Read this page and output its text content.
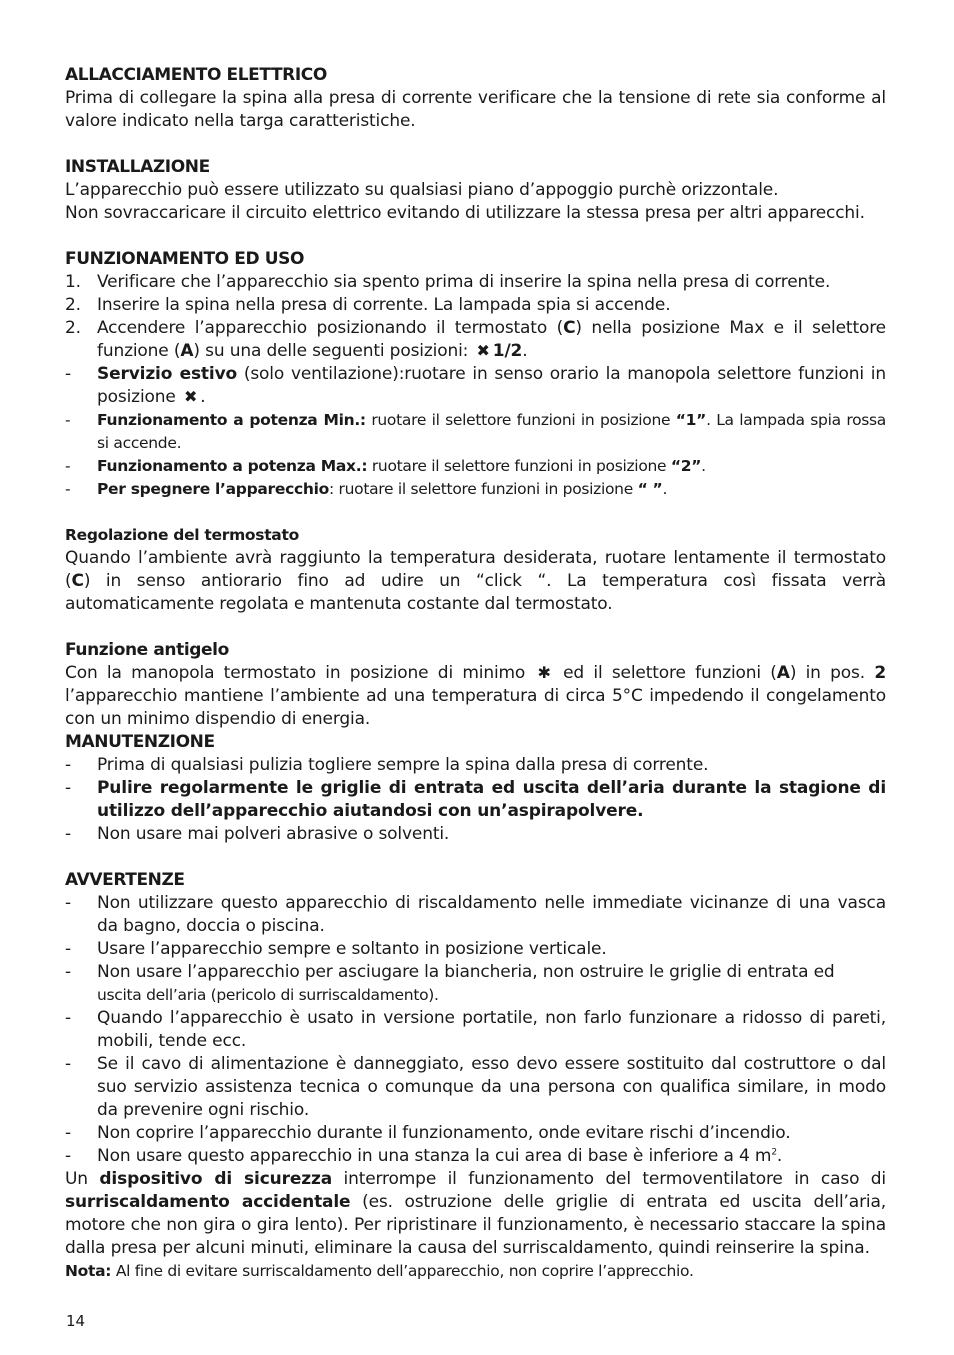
ALLACCIAMENTO ELETTRICO
Prima di collegare la spina alla presa di corrente verificare che la tensione di rete sia conforme al valore indicato nella targa caratteristiche.
INSTALLAZIONE
L’apparecchio può essere utilizzato su qualsiasi piano d’appoggio purchè orizzontale.
Non sovraccaricare il circuito elettrico evitando di utilizzare la stessa presa per altri apparecchi.
FUNZIONAMENTO ED USO
1. Verificare che l’apparecchio sia spento prima di inserire la spina nella presa di corrente.
2. Inserire la spina nella presa di corrente. La lampada spia si accende.
2. Accendere l’apparecchio posizionando il termostato (C) nella posizione Max e il selettore funzione (A) su una delle seguenti posizioni: ✖ 1/2.
-	Servizio estivo (solo ventilazione):ruotare in senso orario la manopola selettore funzioni in posizione ✖ .
-	Funzionamento a potenza Min.: ruotare il selettore funzioni in posizione “1”. La lampada spia rossa si accende.
-	Funzionamento a potenza Max.: ruotare il selettore funzioni in posizione “2”.
-	Per spegnere l’apparecchio: ruotare il selettore funzioni in posizione “ ”.
Regolazione del termostato
Quando l’ambiente avrà raggiunto la temperatura desiderata, ruotare lentamente il termostato (C) in senso antiorario fino ad udire un “click “. La temperatura così fissata verrà automaticamente regolata e mantenuta costante dal termostato.
Funzione antigelo
Con la manopola termostato in posizione di minimo ✱ ed il selettore funzioni (A) in pos. 2 l’apparecchio mantiene l’ambiente ad una temperatura di circa 5°C impedendo il congelamento con un minimo dispendio di energia.
MANUTENZIONE
-	Prima di qualsiasi pulizia togliere sempre la spina dalla presa di corrente.
-	Pulire regolarmente le griglie di entrata ed uscita dell’aria durante la stagione di utilizzo dell’apparecchio aiutandosi con un’aspirapolvere.
-	Non usare mai polveri abrasive o solventi.
AVVERTENZE
-	Non utilizzare questo apparecchio di riscaldamento nelle immediate vicinanze di una vasca da bagno, doccia o piscina.
-	Usare l’apparecchio sempre e soltanto in posizione verticale.
-	Non usare l’apparecchio per asciugare la biancheria, non ostruire le griglie di entrata ed
uscita dell’aria (pericolo di surriscaldamento).
-	Quando l’apparecchio è usato in versione portatile, non farlo funzionare a ridosso di pareti, mobili, tende ecc.
-	Se il cavo di alimentazione è danneggiato, esso devo essere sostituito dal costruttore o dal suo servizio assistenza tecnica o comunque da una persona con qualifica similare, in modo da prevenire ogni rischio.
-	Non coprire l’apparecchio durante il funzionamento, onde evitare rischi d’incendio.
-	Non usare questo apparecchio in una stanza la cui area di base è inferiore a 4 $m^2$.
Un dispositivo di sicurezza interrompe il funzionamento del termoventilatore in caso di surriscaldamento accidentale (es. ostruzione delle griglie di entrata ed uscita dell’aria, motore che non gira o gira lento). Per ripristinare il funzionamento, è necessario staccare la spina dalla presa per alcuni minuti, eliminare la causa del surriscaldamento, quindi reinserire la spina.
Nota: Al fine di evitare surriscaldamento dell’apparecchio, non coprire l’apprecchio.
14
